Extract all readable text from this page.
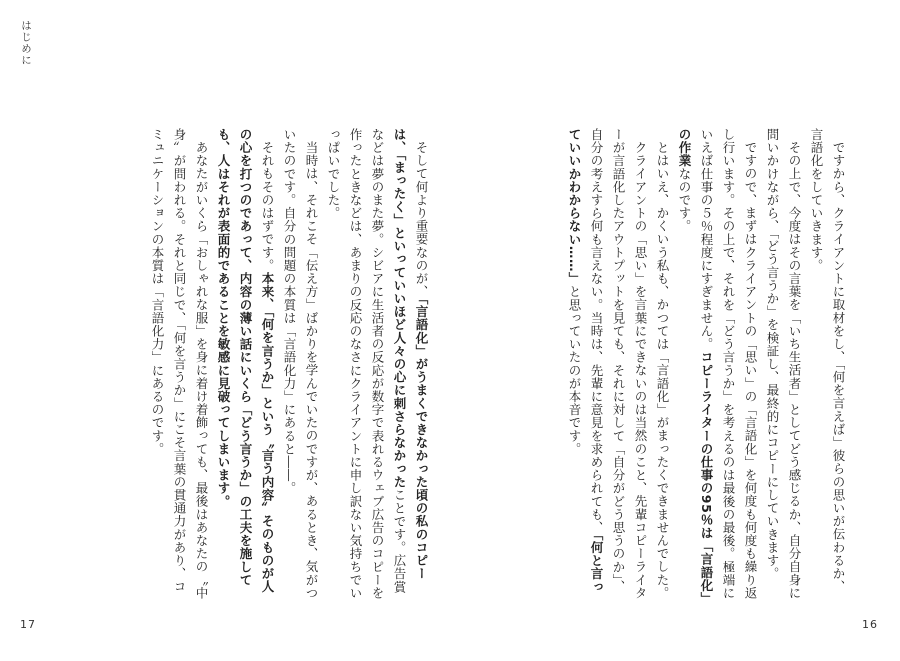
はじめに

ですから、クライアントに取材をし、「何を言えば」彼らの思いが伝わるか、言語化をしていきます。

その上で、今度はその言葉を「いち生活者」としてどう感じるか、自分自身に問いかけながら、「どう言うか」を検証し、最終的にコピーにしていきます。

ですので、まずはクライアントの「思い」の「言語化」を何度も何度も繰り返し行います。その上で、それを「どう言うか」を考えるのは最後の最後。極端にいえば仕事の５％程度にすぎません。コピーライターの仕事の95％は「言語化」の作業なのです。

とはいえ、かくいう私も、かつては「言語化」がまったくできませんでした。

クライアントの「思い」を言葉にできないのは当然のこと、先輩コピーライターが言語化したアウトプットを見ても、それに対して「自分がどう思うのか」、自分の考えすら何も言えない。当時は、先輩に意見を求められても、「何と言っていいかわからない……」と思っていたのが本音です。

そして何より重要なのが、「言語化」がうまくできなかった頃の私のコピーは、「まったく」といっていいほど人々の心に刺さらなかったことです。広告賞などは夢のまた夢。シビアに生活者の反応が数字で表れるウェブ広告のコピーを作ったときなどは、あまりの反応のなさにクライアントに申し訳ない気持ちでいっぱいでした。

当時は、それこそ「伝え方」ばかりを学んでいたのですが、あるとき、気がついたのです。自分の問題の本質は「言語化力」にあると――。

それもそのはずです。本来、「何を言うか」という〝言う内容〟そのものが人の心を打つのであって、内容の薄い話にいくら「どう言うか」の工夫を施しても、人はそれが表面的であることを敏感に見破ってしまいます。

あなたがいくら「おしゃれな服」を身に着け着飾っても、最後はあなたの〝中身〟が問われる。それと同じで、「何を言うか」にこそ言葉の貫通力があり、コミュニケーションの本質は「言語化力」にあるのです。

17	16
